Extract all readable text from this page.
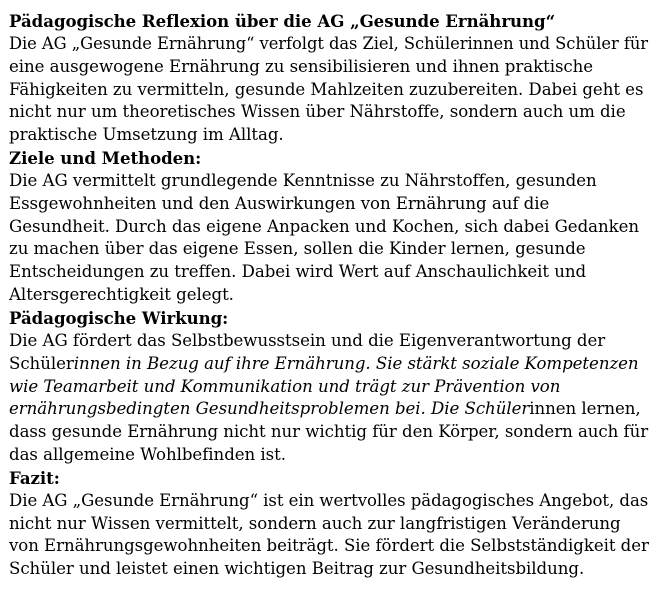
Pädagogische Reflexion über die AG „Gesunde Ernährung“
Die AG „Gesunde Ernährung“ verfolgt das Ziel, Schülerinnen und Schüler für
eine ausgewogene Ernährung zu sensibilisieren und ihnen praktische
Fähigkeiten zu vermitteln, gesunde Mahlzeiten zuzubereiten. Dabei geht es
nicht nur um theoretisches Wissen über Nährstoffe, sondern auch um die
praktische Umsetzung im Alltag.
Ziele und Methoden:
Die AG vermittelt grundlegende Kenntnisse zu Nährstoffen, gesunden
Essgewohnheiten und den Auswirkungen von Ernährung auf die
Gesundheit. Durch das eigene Anpacken und Kochen, sich dabei Gedanken
zu machen über das eigene Essen, sollen die Kinder lernen, gesunde
Entscheidungen zu treffen. Dabei wird Wert auf Anschaulichkeit und
Altersgerechtigkeit gelegt.
Pädagogische Wirkung:
Die AG fördert das Selbstbewusstsein und die Eigenverantwortung der
Schülerinnen in Bezug auf ihre Ernährung. Sie stärkt soziale Kompetenzen
wie Teamarbeit und Kommunikation und trägt zur Prävention von
ernährungsbedingten Gesundheitsproblemen bei. Die Schülerinnen lernen,
dass gesunde Ernährung nicht nur wichtig für den Körper, sondern auch für
das allgemeine Wohlbefinden ist.
Fazit:
Die AG „Gesunde Ernährung“ ist ein wertvolles pädagogisches Angebot, das
nicht nur Wissen vermittelt, sondern auch zur langfristigen Veränderung
von Ernährungsgewohnheiten beiträgt. Sie fördert die Selbstständigkeit der
Schüler und leistet einen wichtigen Beitrag zur Gesundheitsbildung.
